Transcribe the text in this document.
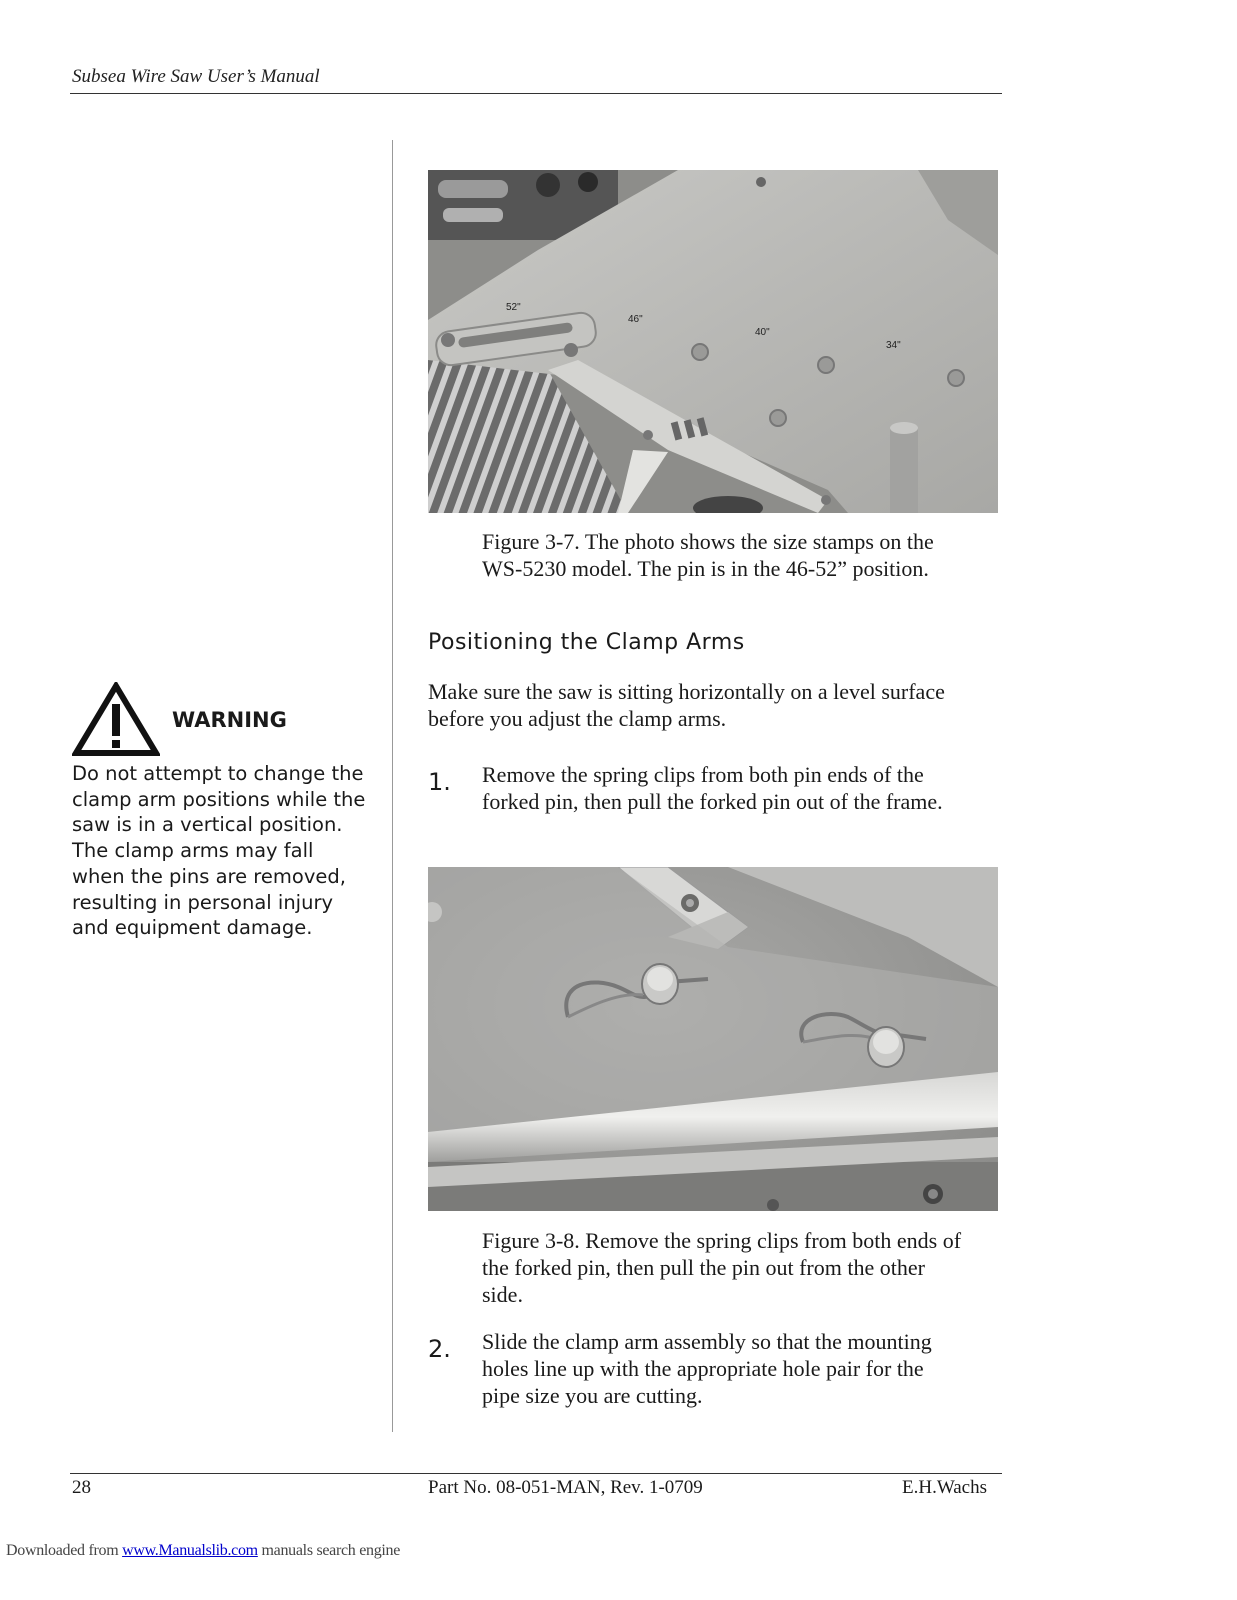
Subsea Wire Saw User’s Manual
52"
46"
40"
34"
Figure 3-7. The photo shows the size stamps on the
WS-5230 model. The pin is in the 46-52” position.
Positioning the Clamp Arms
Make sure the saw is sitting horizontally on a level surface
before you adjust the clamp arms.
1. Remove the spring clips from both pin ends of the
forked pin, then pull the forked pin out of the frame.
Figure 3-8. Remove the spring clips from both ends of
the forked pin, then pull the pin out from the other
side.
2. Slide the clamp arm assembly so that the mounting
holes line up with the appropriate hole pair for the
pipe size you are cutting.
WARNING
Do not attempt to change the
clamp arm positions while the
saw is in a vertical position.
The clamp arms may fall
when the pins are removed,
resulting in personal injury
and equipment damage.
28	Part No. 08-051-MAN, Rev. 1-0709	E.H.Wachs
Downloaded from www.Manualslib.com manuals search engine
